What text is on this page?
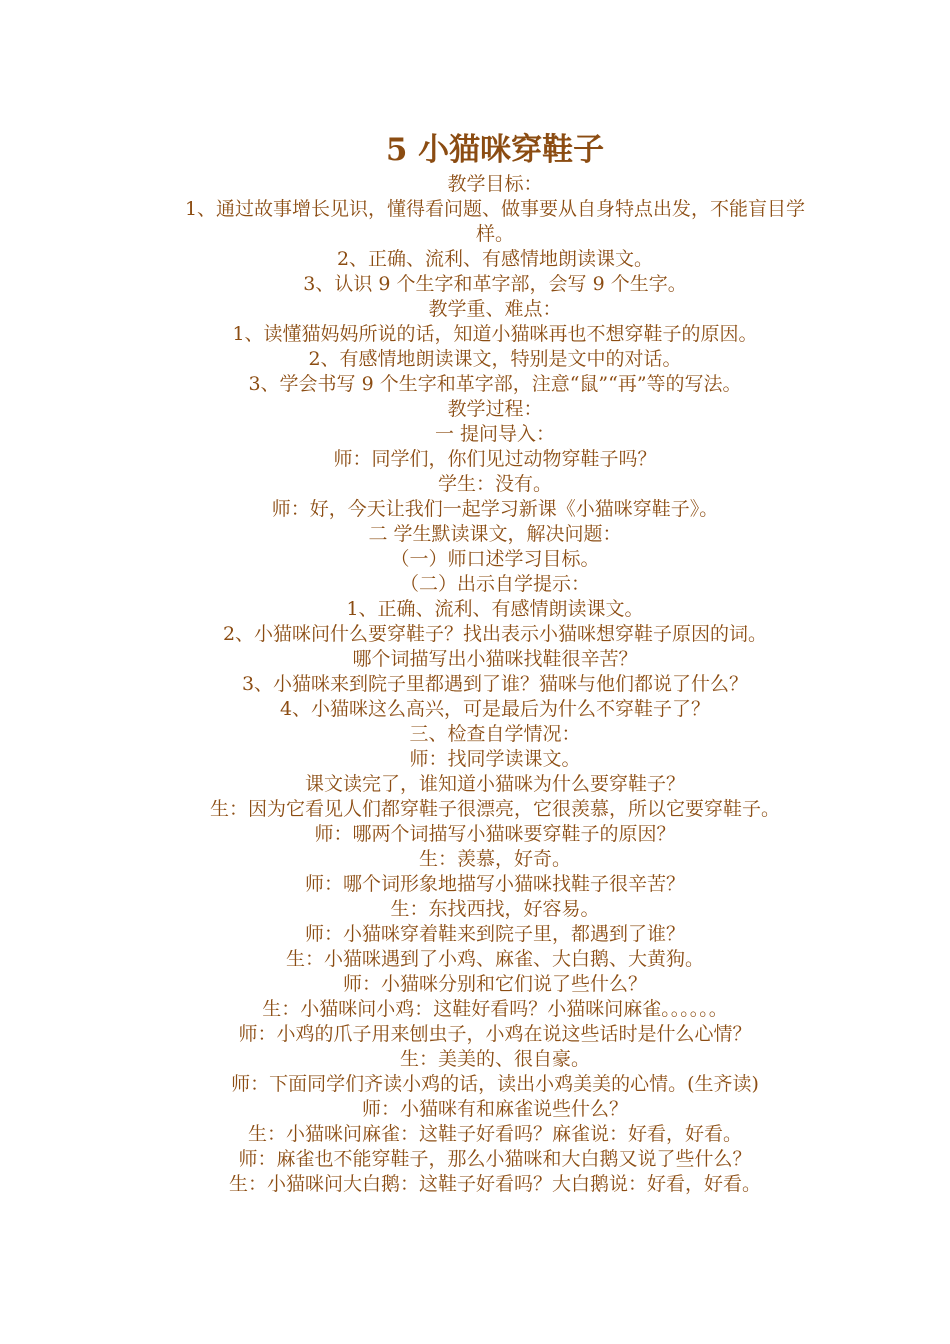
5 小猫咪穿鞋子

教学目标：

1、通过故事增长见识，懂得看问题、做事要从自身特点出发，不能盲目学样。

2、正确、流利、有感情地朗读课文。

3、认识 9 个生字和革字部，会写 9 个生字。

教学重、难点：

1、读懂猫妈妈所说的话，知道小猫咪再也不想穿鞋子的原因。

2、有感情地朗读课文，特别是文中的对话。

3、学会书写 9 个生字和革字部，注意“鼠”“再”等的写法。

教学过程：

一 提问导入：

师：同学们，你们见过动物穿鞋子吗？

学生：没有。

师：好，今天让我们一起学习新课《小猫咪穿鞋子》。

二 学生默读课文，解决问题：

（一）师口述学习目标。

（二）出示自学提示：

1、正确、流利、有感情朗读课文。

2、小猫咪问什么要穿鞋子？找出表示小猫咪想穿鞋子原因的词。

哪个词描写出小猫咪找鞋很辛苦？

3、小猫咪来到院子里都遇到了谁？猫咪与他们都说了什么？

4、小猫咪这么高兴，可是最后为什么不穿鞋子了？

三、检查自学情况：

师：找同学读课文。

课文读完了，谁知道小猫咪为什么要穿鞋子？

生：因为它看见人们都穿鞋子很漂亮，它很羡慕，所以它要穿鞋子。

师：哪两个词描写小猫咪要穿鞋子的原因？

生：羡慕，好奇。

师：哪个词形象地描写小猫咪找鞋子很辛苦？

生：东找西找，好容易。

师：小猫咪穿着鞋来到院子里，都遇到了谁？

生：小猫咪遇到了小鸡、麻雀、大白鹅、大黄狗。

师：小猫咪分别和它们说了些什么？

生：小猫咪问小鸡：这鞋好看吗？小猫咪问麻雀。。。。。。

师：小鸡的爪子用来刨虫子，小鸡在说这些话时是什么心情？

生：美美的、很自豪。

师：下面同学们齐读小鸡的话，读出小鸡美美的心情。(生齐读)

师：小猫咪有和麻雀说些什么？

生：小猫咪问麻雀：这鞋子好看吗？麻雀说：好看，好看。

师：麻雀也不能穿鞋子，那么小猫咪和大白鹅又说了些什么？

生：小猫咪问大白鹅：这鞋子好看吗？大白鹅说：好看，好看。
